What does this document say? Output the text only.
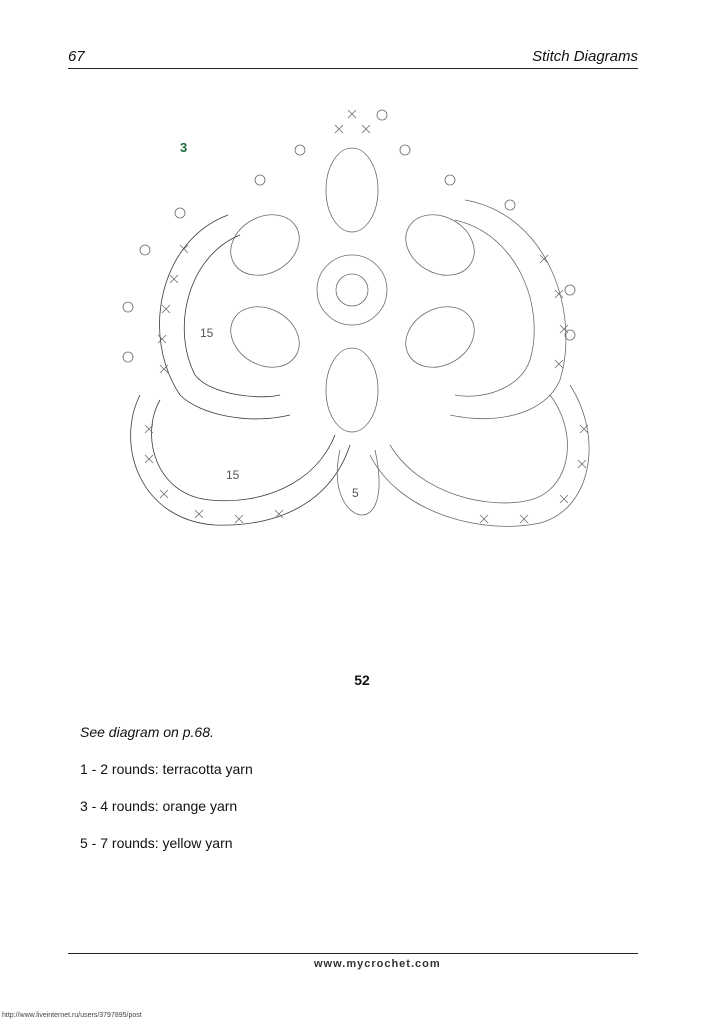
67	Stitch Diagrams
3
15
15
5
52

See diagram on p.68.

1 - 2 rounds: terracotta yarn

3 - 4 rounds: orange yarn

5 - 7 rounds: yellow yarn

www.mycrochet.com
http://www.liveinternet.ru/users/3797895/post
